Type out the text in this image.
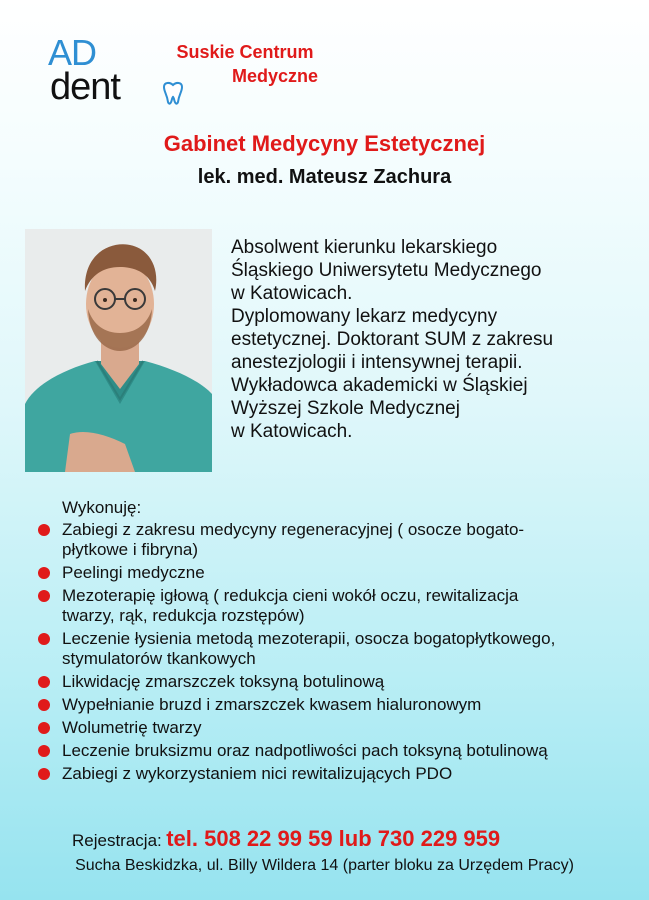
AD
dent
Suskie Centrum
Medyczne
Gabinet Medycyny Estetycznej
lek. med. Mateusz Zachura
Absolwent kierunku lekarskiego
Śląskiego Uniwersytetu Medycznego
w Katowicach.
Dyplomowany lekarz medycyny
estetycznej. Doktorant SUM z zakresu
anestezjologii i intensywnej terapii.
Wykładowca akademicki w Śląskiej
Wyższej Szkole Medycznej
w Katowicach.
Wykonuję:
Zabiegi z zakresu medycyny regeneracyjnej ( osocze bogato-
płytkowe i fibryna)
Peelingi medyczne
Mezoterapię igłową ( redukcja cieni wokół oczu, rewitalizacja
twarzy, rąk, redukcja rozstępów)
Leczenie łysienia metodą mezoterapii, osocza bogatopłytkowego,
stymulatorów tkankowych
Likwidację zmarszczek toksyną botulinową
Wypełnianie bruzd i zmarszczek kwasem hialuronowym
Wolumetrię twarzy
Leczenie bruksizmu oraz nadpotliwości pach toksyną botulinową
Zabiegi z wykorzystaniem nici rewitalizujących PDO
Rejestracja: tel. 508 22 99 59 lub 730 229 959
Sucha Beskidzka, ul. Billy Wildera 14 (parter bloku za Urzędem Pracy)
